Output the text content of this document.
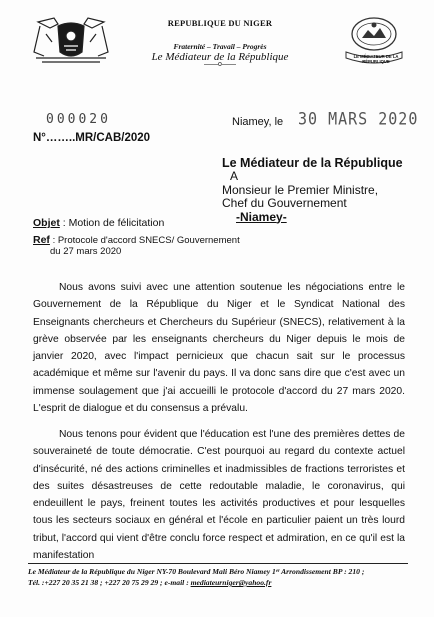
REPUBLIQUE DU NIGER
Fraternité – Travail – Progrès
Le Médiateur de la République
——o——
LE MÉDIATEUR DE LA RÉPUBLIQUE
000020
N°……..MR/CAB/2020
Niamey, le 30 MARS 2020
Le Médiateur de la République
A
Monsieur le Premier Ministre,
Chef du Gouvernement
-Niamey-
Objet : Motion de félicitation
Ref : Protocole d'accord SNECS/ Gouvernement
du 27 mars 2020

Nous avons suivi avec une attention soutenue les négociations entre le Gouvernement de la République du Niger et le Syndicat National des Enseignants chercheurs et Chercheurs du Supérieur (SNECS), relativement à la grève observée par les enseignants chercheurs du Niger depuis le mois de janvier 2020, avec l'impact pernicieux que chacun sait sur le processus académique et même sur l'avenir du pays. Il va donc sans dire que c'est avec un immense soulagement que j'ai accueilli le protocole d'accord du 27 mars 2020. L'esprit de dialogue et du consensus a prévalu.

Nous tenons pour évident que l'éducation est l'une des premières dettes de souveraineté de toute démocratie. C'est pourquoi au regard du contexte actuel d'insécurité, né des actions criminelles et inadmissibles de fractions terroristes et des suites désastreuses de cette redoutable maladie, le coronavirus, qui endeuillent le pays, freinent toutes les activités productives et pour lesquelles tous les secteurs sociaux en général et l'école en particulier paient un très lourd tribut, l'accord qui vient d'être conclu force respect et admiration, en ce qu'il est la manifestation

Le Médiateur de la République du Niger NY-70 Boulevard Mali Béro Niamey 1ᵉʳ Arrondissement BP : 210 ;
Tél. :+227 20 35 21 38 ; +227 20 75 29 29 ; e-mail : mediateurniger@yahoo.fr
